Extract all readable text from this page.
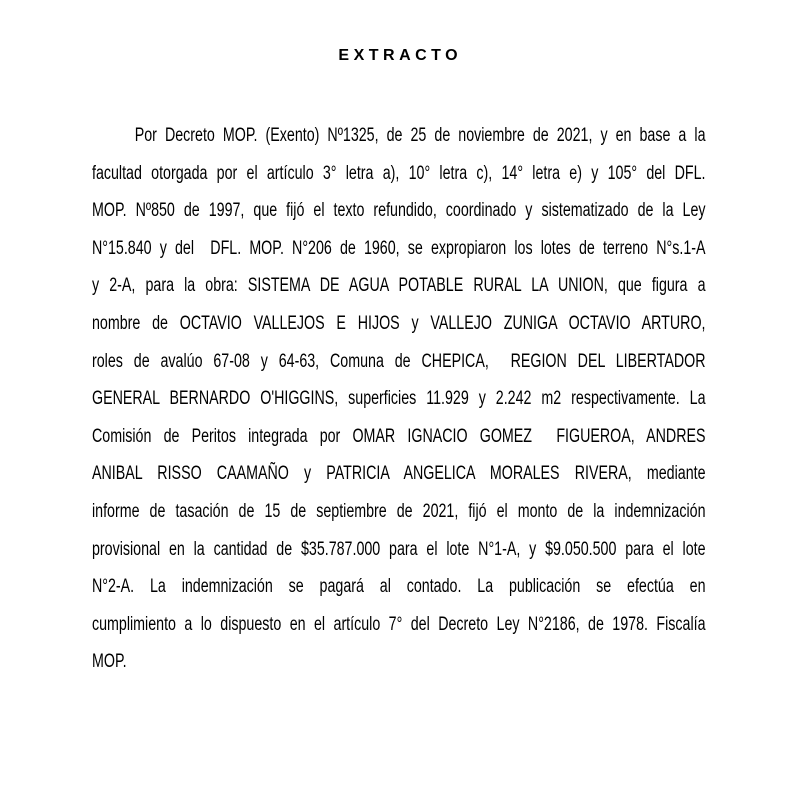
EXTRACTO
Por Decreto MOP. (Exento) Nº1325, de 25 de noviembre de 2021, y en base a la
facultad otorgada por el artículo 3° letra a), 10° letra c), 14° letra e) y 105° del DFL.
MOP. Nº850 de 1997, que fijó el texto refundido, coordinado y sistematizado de la Ley
N°15.840 y del  DFL. MOP. N°206 de 1960, se expropiaron los lotes de terreno N°s.1-A
y 2-A, para la obra: SISTEMA DE AGUA POTABLE RURAL LA UNION, que figura a
nombre de OCTAVIO VALLEJOS E HIJOS y VALLEJO ZUNIGA OCTAVIO ARTURO,
roles de avalúo 67-08 y 64-63, Comuna de CHEPICA,  REGION DEL LIBERTADOR
GENERAL BERNARDO O'HIGGINS, superficies 11.929 y 2.242 m2 respectivamente. La
Comisión de Peritos integrada por OMAR IGNACIO GOMEZ  FIGUEROA, ANDRES
ANIBAL RISSO CAAMAÑO y PATRICIA ANGELICA MORALES RIVERA, mediante
informe de tasación de 15 de septiembre de 2021, fijó el monto de la indemnización
provisional en la cantidad de $35.787.000 para el lote N°1-A, y $9.050.500 para el lote
N°2-A. La indemnización se pagará al contado. La publicación se efectúa en
cumplimiento a lo dispuesto en el artículo 7° del Decreto Ley N°2186, de 1978. Fiscalía
MOP.
